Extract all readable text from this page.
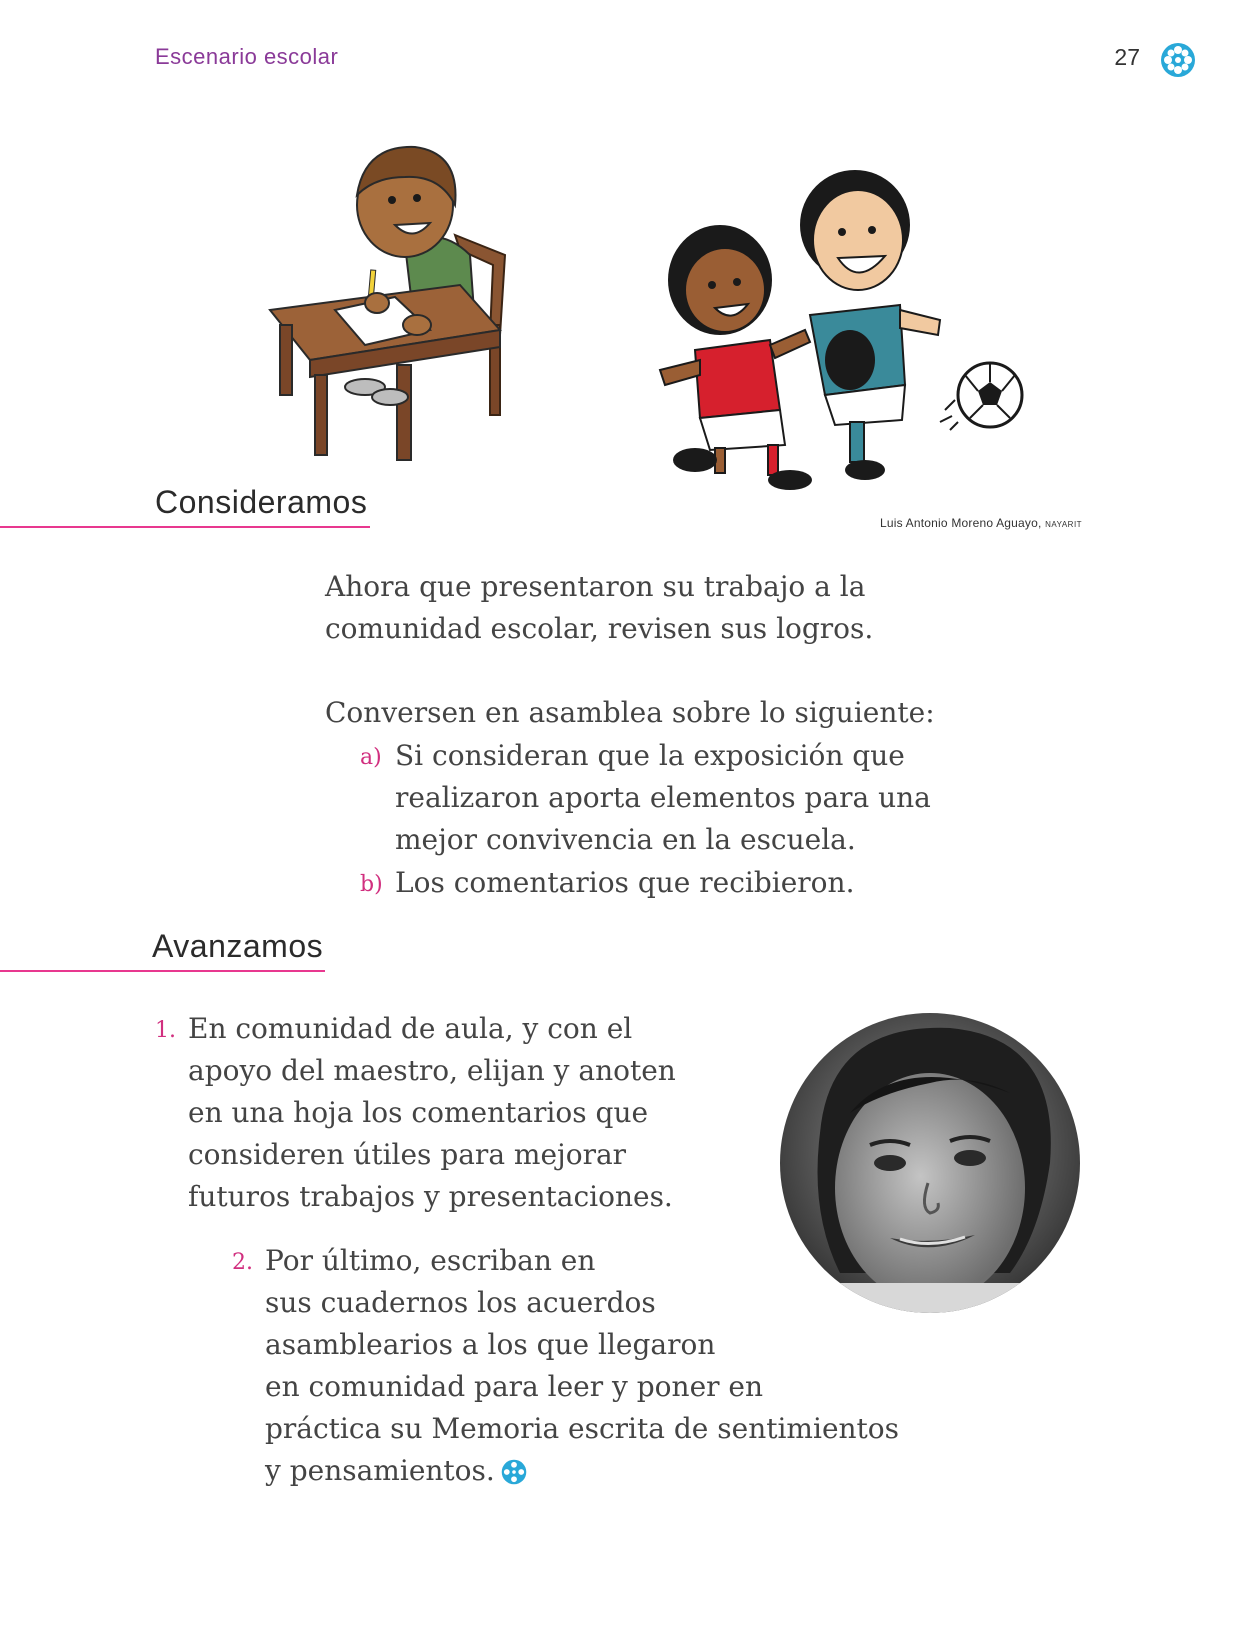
Escenario escolar	27
Luis Antonio Moreno Aguayo, NAYARIT
Consideramos
Ahora que presentaron su trabajo a la
comunidad escolar, revisen sus logros.
Conversen en asamblea sobre lo siguiente:
a) Si consideran que la exposición que
realizaron aporta elementos para una
mejor convivencia en la escuela.
b) Los comentarios que recibieron.
Avanzamos
1. En comunidad de aula, y con el
apoyo del maestro, elijan y anoten
en una hoja los comentarios que
consideren útiles para mejorar
futuros trabajos y presentaciones.
2. Por último, escriban en
sus cuadernos los acuerdos
asamblearios a los que llegaron
en comunidad para leer y poner en
práctica su Memoria escrita de sentimientos
y pensamientos.
